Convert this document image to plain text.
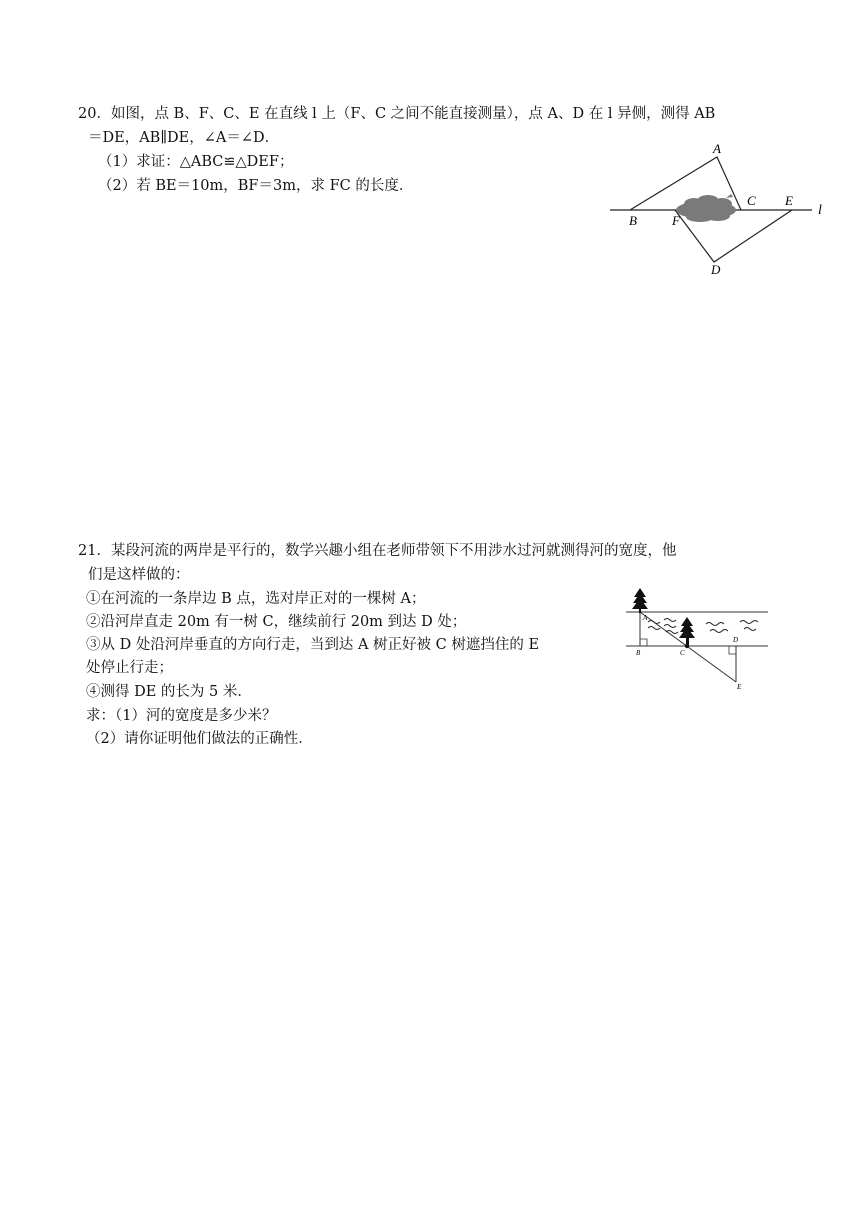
20．如图，点 B、F、C、E 在直线 l 上（F、C 之间不能直接测量），点 A、D 在 l 异侧，测得 AB
＝DE，AB∥DE，∠A＝∠D．
（1）求证：△ABC≌△DEF；
（2）若 BE＝10m，BF＝3m，求 FC 的长度．
A
B	F
C E
D
l
21．某段河流的两岸是平行的，数学兴趣小组在老师带领下不用涉水过河就测得河的宽度，他
们是这样做的：
①在河流的一条岸边 B 点，选对岸正对的一棵树 A；
②沿河岸直走 20m 有一树 C，继续前行 20m 到达 D 处；
③从 D 处沿河岸垂直的方向行走，当到达 A 树正好被 C 树遮挡住的 E
处停止行走；
④测得 DE 的长为 5 米．
求：（1）河的宽度是多少米？
（2）请你证明他们做法的正确性．
A
B	C
D
E
